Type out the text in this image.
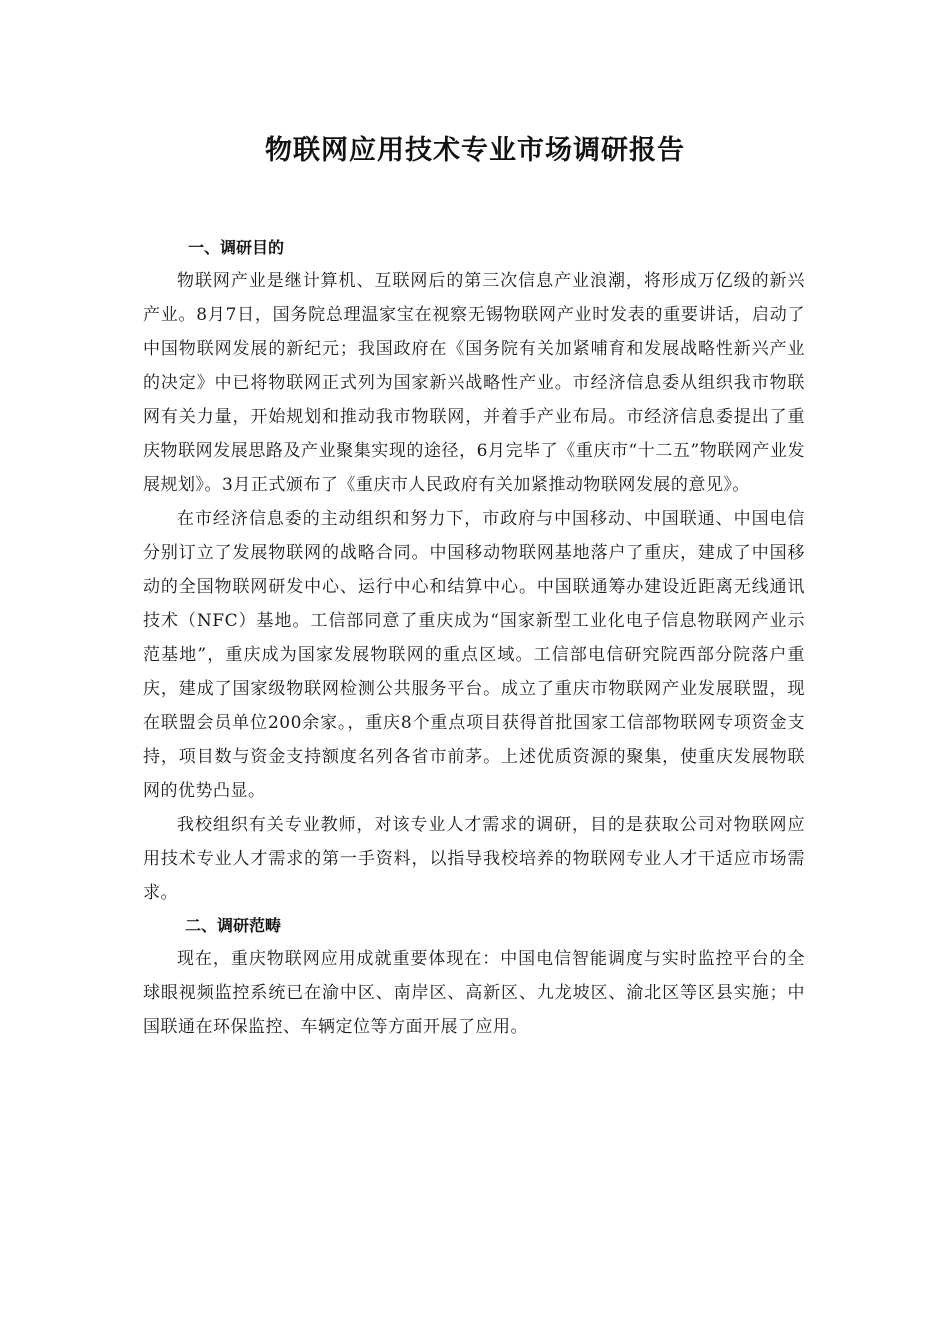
物联网应用技术专业市场调研报告
一、调研目的

物联网产业是继计算机、互联网后的第三次信息产业浪潮，将形成万亿级的新兴产业。8月7日，国务院总理温家宝在视察无锡物联网产业时发表的重要讲话，启动了中国物联网发展的新纪元；我国政府在《国务院有关加紧哺育和发展战略性新兴产业的决定》中已将物联网正式列为国家新兴战略性产业。市经济信息委从组织我市物联网有关力量，开始规划和推动我市物联网，并着手产业布局。市经济信息委提出了重庆物联网发展思路及产业聚集实现的途径，6月完毕了《重庆市“十二五”物联网产业发展规划》。3月正式颁布了《重庆市人民政府有关加紧推动物联网发展的意见》。

在市经济信息委的主动组织和努力下，市政府与中国移动、中国联通、中国电信分别订立了发展物联网的战略合同。中国移动物联网基地落户了重庆，建成了中国移动的全国物联网研发中心、运行中心和结算中心。中国联通筹办建设近距离无线通讯技术（NFC）基地。工信部同意了重庆成为“国家新型工业化电子信息物联网产业示范基地”，重庆成为国家发展物联网的重点区域。工信部电信研究院西部分院落户重庆，建成了国家级物联网检测公共服务平台。成立了重庆市物联网产业发展联盟，现在联盟会员单位200余家。，重庆8个重点项目获得首批国家工信部物联网专项资金支持，项目数与资金支持额度名列各省市前茅。上述优质资源的聚集，使重庆发展物联网的优势凸显。

我校组织有关专业教师，对该专业人才需求的调研，目的是获取公司对物联网应用技术专业人才需求的第一手资料，以指导我校培养的物联网专业人才干适应市场需求。

二、调研范畴

现在，重庆物联网应用成就重要体现在：中国电信智能调度与实时监控平台的全球眼视频监控系统已在渝中区、南岸区、高新区、九龙坡区、渝北区等区县实施；中国联通在环保监控、车辆定位等方面开展了应用。
